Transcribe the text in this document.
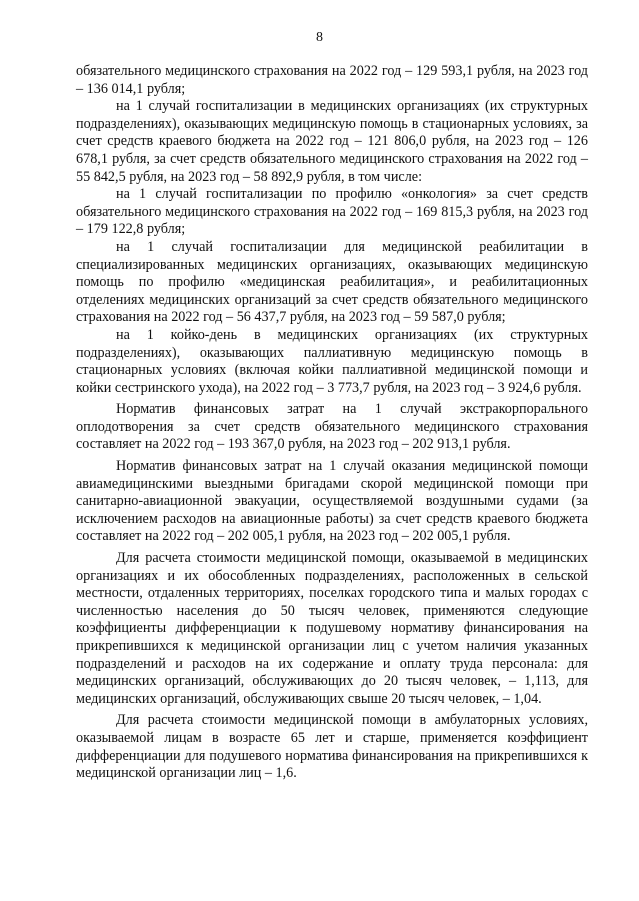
8

обязательного медицинского страхования на 2022 год – 129 593,1 рубля, на 2023 год – 136 014,1 рубля;

на 1 случай госпитализации в медицинских организациях (их структурных подразделениях), оказывающих медицинскую помощь в стационарных условиях, за счет средств краевого бюджета на 2022 год – 121 806,0 рубля, на 2023 год – 126 678,1 рубля, за счет средств обязательного медицинского страхования на 2022 год – 55 842,5 рубля, на 2023 год – 58 892,9 рубля, в том числе:

на 1 случай госпитализации по профилю «онкология» за счет средств обязательного медицинского страхования на 2022 год – 169 815,3 рубля, на 2023 год – 179 122,8 рубля;

на 1 случай госпитализации для медицинской реабилитации в специализированных медицинских организациях, оказывающих медицинскую помощь по профилю «медицинская реабилитация», и реабилитационных отделениях медицинских организаций за счет средств обязательного медицинского страхования на 2022 год – 56 437,7 рубля, на 2023 год – 59 587,0 рубля;

на 1 койко-день в медицинских организациях (их структурных подразделениях), оказывающих паллиативную медицинскую помощь в стационарных условиях (включая койки паллиативной медицинской помощи и койки сестринского ухода), на 2022 год – 3 773,7 рубля, на 2023 год – 3 924,6 рубля.

Норматив финансовых затрат на 1 случай экстракорпорального оплодотворения за счет средств обязательного медицинского страхования составляет на 2022 год – 193 367,0 рубля, на 2023 год – 202 913,1 рубля.

Норматив финансовых затрат на 1 случай оказания медицинской помощи авиамедицинскими выездными бригадами скорой медицинской помощи при санитарно-авиационной эвакуации, осуществляемой воздушными судами (за исключением расходов на авиационные работы) за счет средств краевого бюджета составляет на 2022 год – 202 005,1 рубля, на 2023 год – 202 005,1 рубля.

Для расчета стоимости медицинской помощи, оказываемой в медицинских организациях и их обособленных подразделениях, расположенных в сельской местности, отдаленных территориях, поселках городского типа и малых городах с численностью населения до 50 тысяч человек, применяются следующие коэффициенты дифференциации к подушевому нормативу финансирования на прикрепившихся к медицинской организации лиц с учетом наличия указанных подразделений и расходов на их содержание и оплату труда персонала: для медицинских организаций, обслуживающих до 20 тысяч человек, – 1,113, для медицинских организаций, обслуживающих свыше 20 тысяч человек, – 1,04.

Для расчета стоимости медицинской помощи в амбулаторных условиях, оказываемой лицам в возрасте 65 лет и старше, применяется коэффициент дифференциации для подушевого норматива финансирования на прикрепившихся к медицинской организации лиц – 1,6.
